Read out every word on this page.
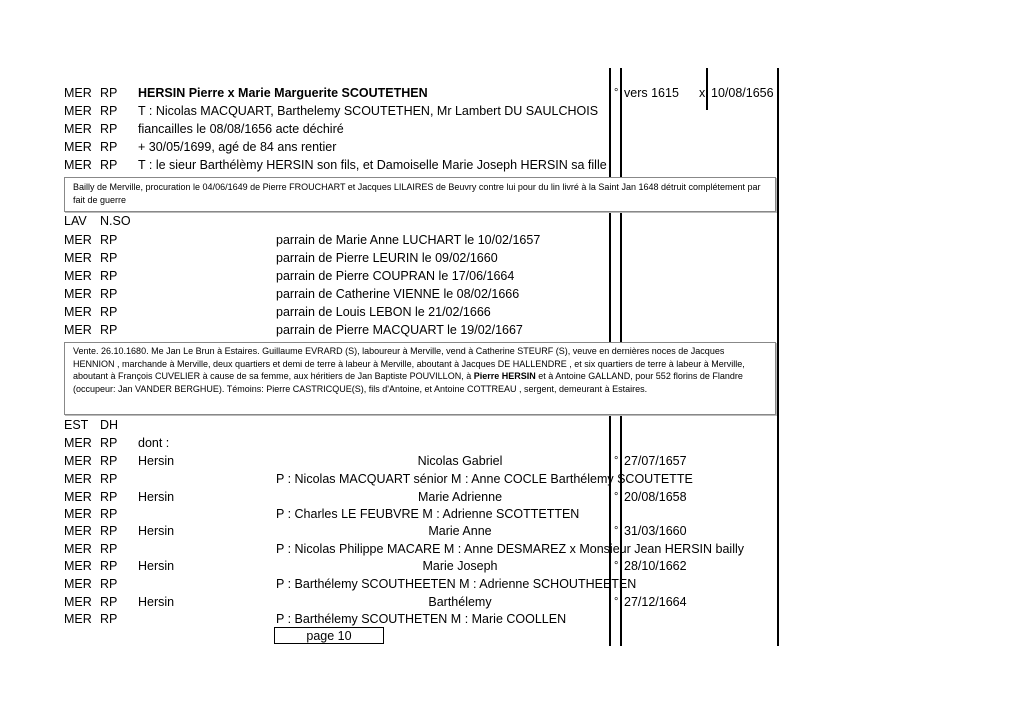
MER RP HERSIN Pierre x Marie Marguerite SCOUTETHEN	° vers 1615 x 10/08/1656
MER RP T : Nicolas MACQUART, Barthelemy SCOUTETHEN, Mr Lambert DU SAULCHOIS
MER RP fiancailles le 08/08/1656 acte déchiré
MER RP + 30/05/1699, agé de 84 ans rentier
MER RP T : le sieur Barthélèmy HERSIN son fils, et Damoiselle Marie Joseph HERSIN sa fille
Bailly de Merville, procuration le 04/06/1649 de Pierre FROUCHART et Jacques LILAIRES de Beuvry contre lui pour du lin livré à la Saint Jan 1648 détruit complétement par fait de guerre
LAV N.SO
MER RP	parrain de Marie Anne LUCHART le 10/02/1657
MER RP	parrain de Pierre LEURIN le 09/02/1660
MER RP	parrain de Pierre COUPRAN le 17/06/1664
MER RP	parrain de Catherine VIENNE le 08/02/1666
MER RP	parrain de Louis LEBON le 21/02/1666
MER RP	parrain de Pierre MACQUART le 19/02/1667
Vente. 26.10.1680. Me Jan Le Brun à Estaires. Guillaume EVRARD (S), laboureur à Merville, vend à Catherine STEURF (S), veuve en dernières noces de Jacques HENNION , marchande à Merville, deux quartiers et demi de terre à labeur à Merville, aboutant à Jacques DE HALLENDRE , et six quartiers de terre à labeur à Merville, aboutant à François CUVELIER à cause de sa femme, aux héritiers de Jan Baptiste POUVILLON, à Pierre HERSIN et à Antoine GALLAND, pour 552 florins de Flandre (occupeur: Jan VANDER BERGHUE). Témoins: Pierre CASTRICQUE(S), fils d'Antoine, et Antoine COTTREAU , sergent, demeurant à Estaires.
EST DH
MER RP dont :
MER RP Hersin	Nicolas Gabriel	° 27/07/1657
MER RP	P : Nicolas MACQUART sénior M : Anne COCLE Barthélemy SCOUTETTE
MER RP Hersin	Marie Adrienne	° 20/08/1658
MER RP	P : Charles LE FEUBVRE M : Adrienne SCOTTETTEN
MER RP Hersin	Marie Anne	° 31/03/1660
MER RP	P : Nicolas Philippe MACARE M : Anne DESMAREZ x Monsieur Jean HERSIN bailly
MER RP Hersin	Marie Joseph	° 28/10/1662
MER RP	P : Barthélemy SCOUTHEETEN M : Adrienne SCHOUTHEETEN
MER RP Hersin	Barthélemy	° 27/12/1664
MER RP	P : Barthélemy SCOUTHETEN M : Marie COOLLEN
page 10
